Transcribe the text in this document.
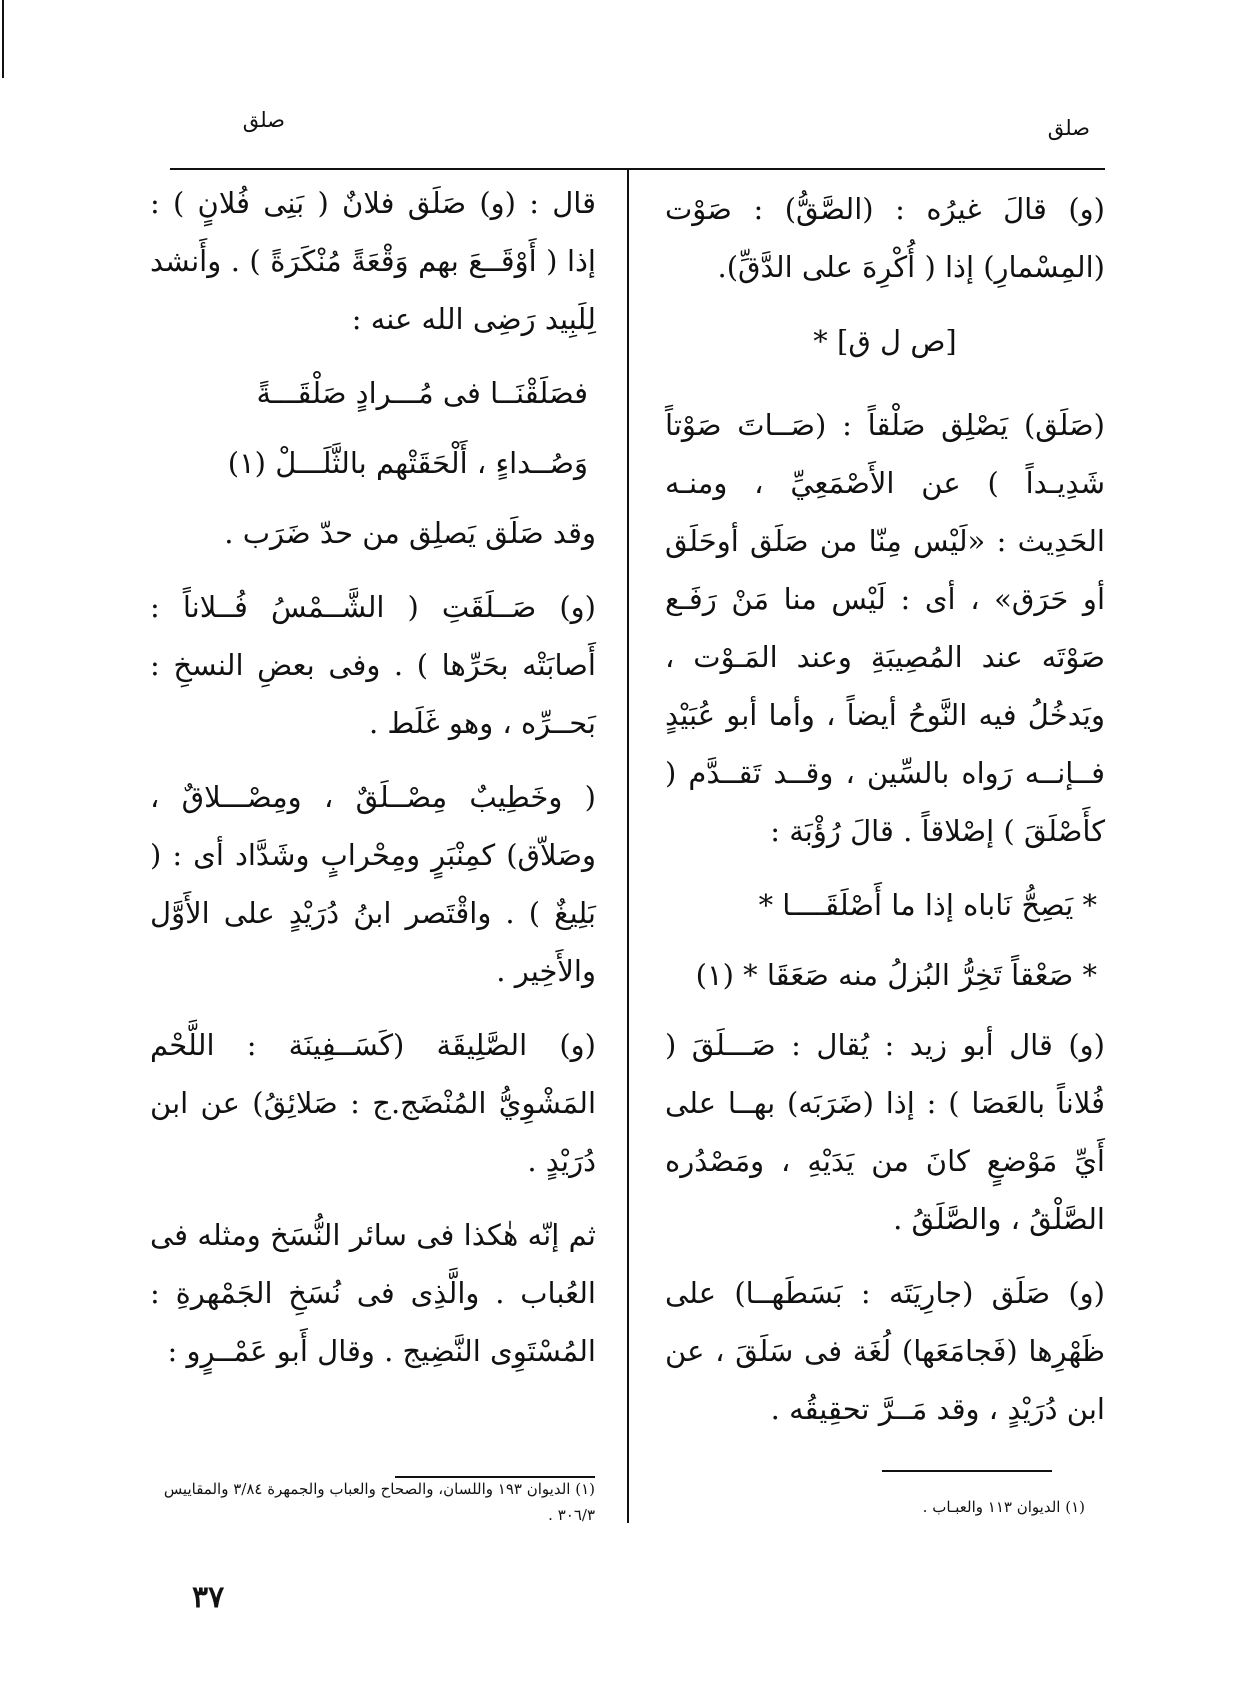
صلق
صلق

(و) قالَ غيرُه : (الصَّقُّ) : صَوْت (المِسْمارِ) إذا ( أُكْرِهَ على الدَّقِّ).

[ص ل ق] *

(صَلَق) يَصْلِق صَلْقاً : (صَــاتَ صَوْتاً شَدِيـداً ) عن الأَصْمَعِيِّ ، ومنـه الحَدِيث : «لَيْس مِنّا من صَلَق أوحَلَق أو حَرَق» ، أى : لَيْس منا مَنْ رَفَـع صَوْتَه عند المُصِيبَةِ وعند المَـوْت ، ويَدخُلُ فيه النَّوحُ أيضاً ، وأما أبو عُبَيْدٍ فــإنــه رَواه بالسِّين ، وقــد تَقــدَّم ( كأَصْلَقَ ) إصْلاقاً . قالَ رُؤْبَة :

* يَصِحُّ نَاباه إذا ما أَصْلَقَــــا *

* صَعْقاً تَخِرُّ البُزلُ منه صَعَقَا * (١)

(و) قال أبو زيد : يُقال : صَـــلَقَ ( فُلاناً بالعَصَا ) : إذا (ضَرَبَه) بهــا على أَيِّ مَوْضعٍ كانَ من يَدَيْهِ ، ومَصْدُره الصَّلْقُ ، والصَّلَقُ .

(و) صَلَق (جارِيَتَه : بَسَطَهــا) على ظَهْرِها (فَجامَعَها) لُغَة فى سَلَقَ ، عن ابن دُرَيْدٍ ، وقد مَــرَّ تحقِيقُه .

قال : (و) صَلَق فلانٌ ( بَنِى فُلانٍ ) : إذا ( أَوْقَــعَ بهم وَقْعَةً مُنْكَرَةً ) . وأَنشد لِلَبِيد رَضِى الله عنه :

فصَلَقْنَــا فى مُـــرادٍ صَلْقَـــةً

وَصُــداءٍ ، أَلْحَقَتْهم بالثَّلَـــلْ (١)

وقد صَلَق يَصلِق من حدّ ضَرَب .

(و) صَــلَقَتِ ( الشَّــمْسُ فُــلاناً : أَصابَتْه بحَرِّها ) . وفى بعضِ النسخِ : بَحــرِّه ، وهو غَلَط .

( وخَطِيبٌ مِصْــلَقٌ ، ومِصْـــلاقٌ ، وصَلاّق) كمِنْبَرٍ ومِحْرابٍ وشَدَّاد أى : ( بَلِيغٌ ) . واقْتَصر ابنُ دُرَيْدٍ على الأَوَّل والأَخِير .

(و) الصَّلِيقَة (كَسَــفِينَة : اللَّحْم المَشْوِيُّ المُنْضَج.ج : صَلائِقُ) عن ابن دُرَيْدٍ .

ثم إنّه هٰكذا فى سائر النُّسَخ ومثله فى العُباب . والَّذِى فى نُسَخِ الجَمْهرةِ : المُسْتَوِى النَّضِيج . وقال أَبو عَمْــرٍو :

(١) الديوان ١١٣ والعبـاب .
(١) الديوان ١٩٣ واللسان، والصحاح والعباب والجمهرة ٣/٨٤ والمقاييس ٣٠٦/٣ .
٣٧
